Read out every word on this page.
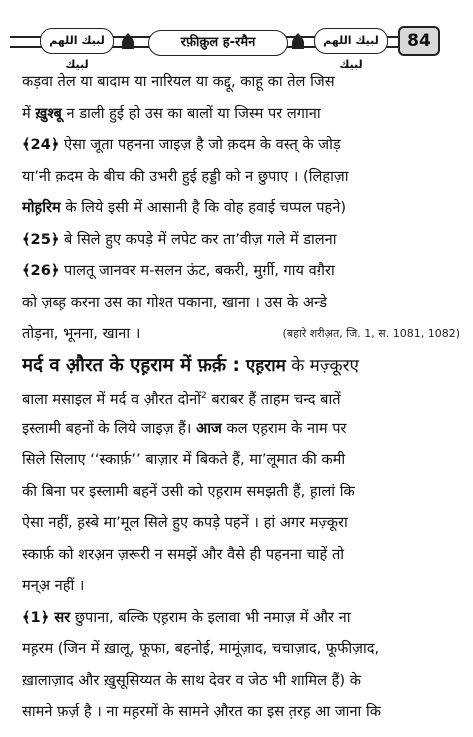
لبيك اللهم لبيك
रफ़ीक़ुल ह-रमैन	لبيك اللهم لبيك
84
कड़वा तेल या बादाम या नारियल या कद्दू, काहू का तेल जिस
में ख़ुश्बू न डाली हुई हो उस का बालों या जिस्म पर लगाना
﴾24﴿ ऐसा जूता पहनना जाइज़ है जो क़दम के वस्त् के जोड़
या’नी क़दम के बीच की उभरी हुई हड्डी को न छुपाए । (लिहाज़ा
मोह़रिम के लिये इसी में आसानी है कि वोह हवाई चप्पल पहने)
﴾25﴿ बे सिले हुए कपड़े में लपेट कर ता’वीज़ गले में डालना
﴾26﴿ पालतू जानवर म-सलन ऊंट, बकरी, मुर्ग़ी, गाय वग़ैरा
को ज़ब्ह़ करना उस का गोश्त पकाना, खाना । उस के अन्डे
तोड़ना, भूनना, खाना ।	(बहारे शरीअ़त, जि. 1, स. 1081, 1082)
मर्द व औ़रत के एह़राम में फ़र्क़ : एह़राम के मज़्कूरए
बाला मसाइल में मर्द व औ़रत दोनों$^2$ बराबर हैं ताहम चन्द बातें
इस्लामी बहनों के लिये जाइज़ हैं। आज कल एह़राम के नाम पर
सिले सिलाए ‘‘स्कार्फ़’’ बाज़ार में बिकते हैं, मा’लूमात की कमी
की बिना पर इस्लामी बहनें उसी को एह़राम समझती हैं, ह़ालां कि
ऐसा नहीं, ह़स्बे मा’मूल सिले हुए कपड़े पहनें । हां अगर मज़्कूरा
स्कार्फ़ को शरअ़न ज़रूरी न समझें और वैसे ही पहनना चाहें तो
मन्अ़ नहीं ।
﴾1﴿ सर छुपाना, बल्कि एह़राम के इलावा भी नमाज़ में और ना
मह़रम (जिन में ख़ालू, फूफा, बहनोई, मामूंज़ाद, चचाज़ाद, फूफीज़ाद,
ख़ालाज़ाद और ख़ुसूसिय्यत के साथ देवर व जेठ भी शामिल हैं) के
सामने फ़र्ज़ है । ना मह़रमों के सामने औ़रत का इस त़रह़ आ जाना कि
